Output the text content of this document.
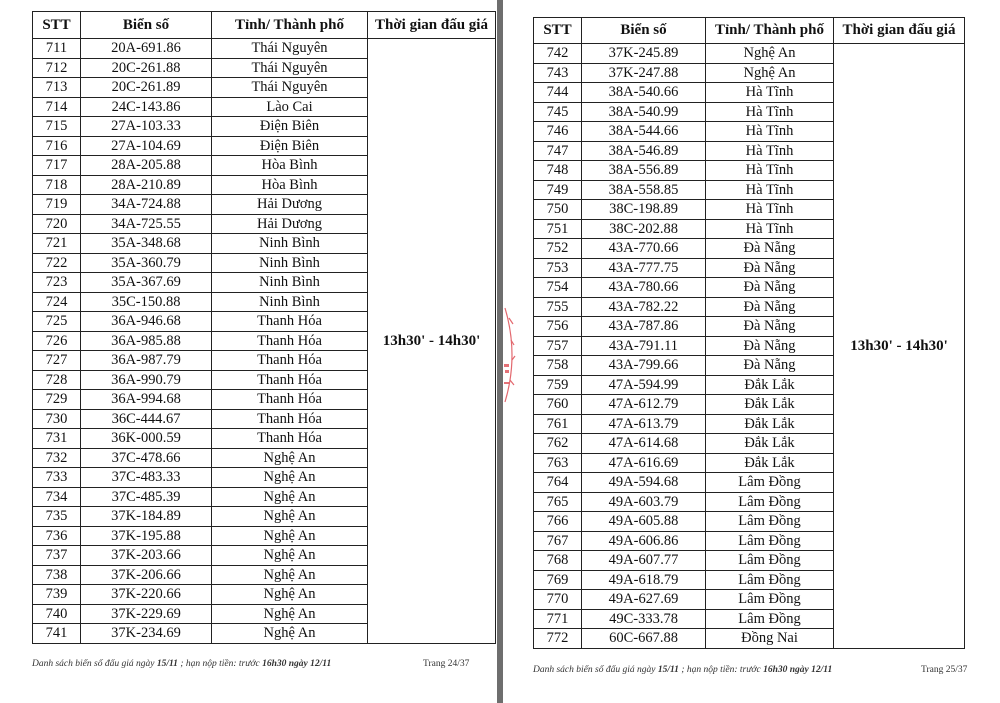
STT	Biển số	Tỉnh/ Thành phố	Thời gian đấu giá
711	20A-691.86	Thái Nguyên	13h30' - 14h30'
712	20C-261.88	Thái Nguyên	
713	20C-261.89	Thái Nguyên	
714	24C-143.86	Lào Cai	
715	27A-103.33	Điện Biên	
716	27A-104.69	Điện Biên	
717	28A-205.88	Hòa Bình	
718	28A-210.89	Hòa Bình	
719	34A-724.88	Hải Dương	
720	34A-725.55	Hải Dương	
721	35A-348.68	Ninh Bình	
722	35A-360.79	Ninh Bình	
723	35A-367.69	Ninh Bình	
724	35C-150.88	Ninh Bình	
725	36A-946.68	Thanh Hóa	
726	36A-985.88	Thanh Hóa	
727	36A-987.79	Thanh Hóa	
728	36A-990.79	Thanh Hóa	
729	36A-994.68	Thanh Hóa	
730	36C-444.67	Thanh Hóa	
731	36K-000.59	Thanh Hóa	
732	37C-478.66	Nghệ An	
733	37C-483.33	Nghệ An	
734	37C-485.39	Nghệ An	
735	37K-184.89	Nghệ An	
736	37K-195.88	Nghệ An	
737	37K-203.66	Nghệ An	
738	37K-206.66	Nghệ An	
739	37K-220.66	Nghệ An	
740	37K-229.69	Nghệ An	
741	37K-234.69	Nghệ An	
Danh sách biển số đấu giá ngày 15/11 ; hạn nộp tiền: trước 16h30 ngày 12/11	Trang 24/37
STT	Biển số	Tỉnh/ Thành phố	Thời gian đấu giá
742	37K-245.89	Nghệ An	13h30' - 14h30'
743	37K-247.88	Nghệ An	
744	38A-540.66	Hà Tĩnh	
745	38A-540.99	Hà Tĩnh	
746	38A-544.66	Hà Tĩnh	
747	38A-546.89	Hà Tĩnh	
748	38A-556.89	Hà Tĩnh	
749	38A-558.85	Hà Tĩnh	
750	38C-198.89	Hà Tĩnh	
751	38C-202.88	Hà Tĩnh	
752	43A-770.66	Đà Nẵng	
753	43A-777.75	Đà Nẵng	
754	43A-780.66	Đà Nẵng	
755	43A-782.22	Đà Nẵng	
756	43A-787.86	Đà Nẵng	
757	43A-791.11	Đà Nẵng	
758	43A-799.66	Đà Nẵng	
759	47A-594.99	Đắk Lắk	
760	47A-612.79	Đắk Lắk	
761	47A-613.79	Đắk Lắk	
762	47A-614.68	Đắk Lắk	
763	47A-616.69	Đắk Lắk	
764	49A-594.68	Lâm Đồng	
765	49A-603.79	Lâm Đồng	
766	49A-605.88	Lâm Đồng	
767	49A-606.86	Lâm Đồng	
768	49A-607.77	Lâm Đồng	
769	49A-618.79	Lâm Đồng	
770	49A-627.69	Lâm Đồng	
771	49C-333.78	Lâm Đồng	
772	60C-667.88	Đồng Nai	
Danh sách biển số đấu giá ngày 15/11 ; hạn nộp tiền: trước 16h30 ngày 12/11	Trang 25/37
